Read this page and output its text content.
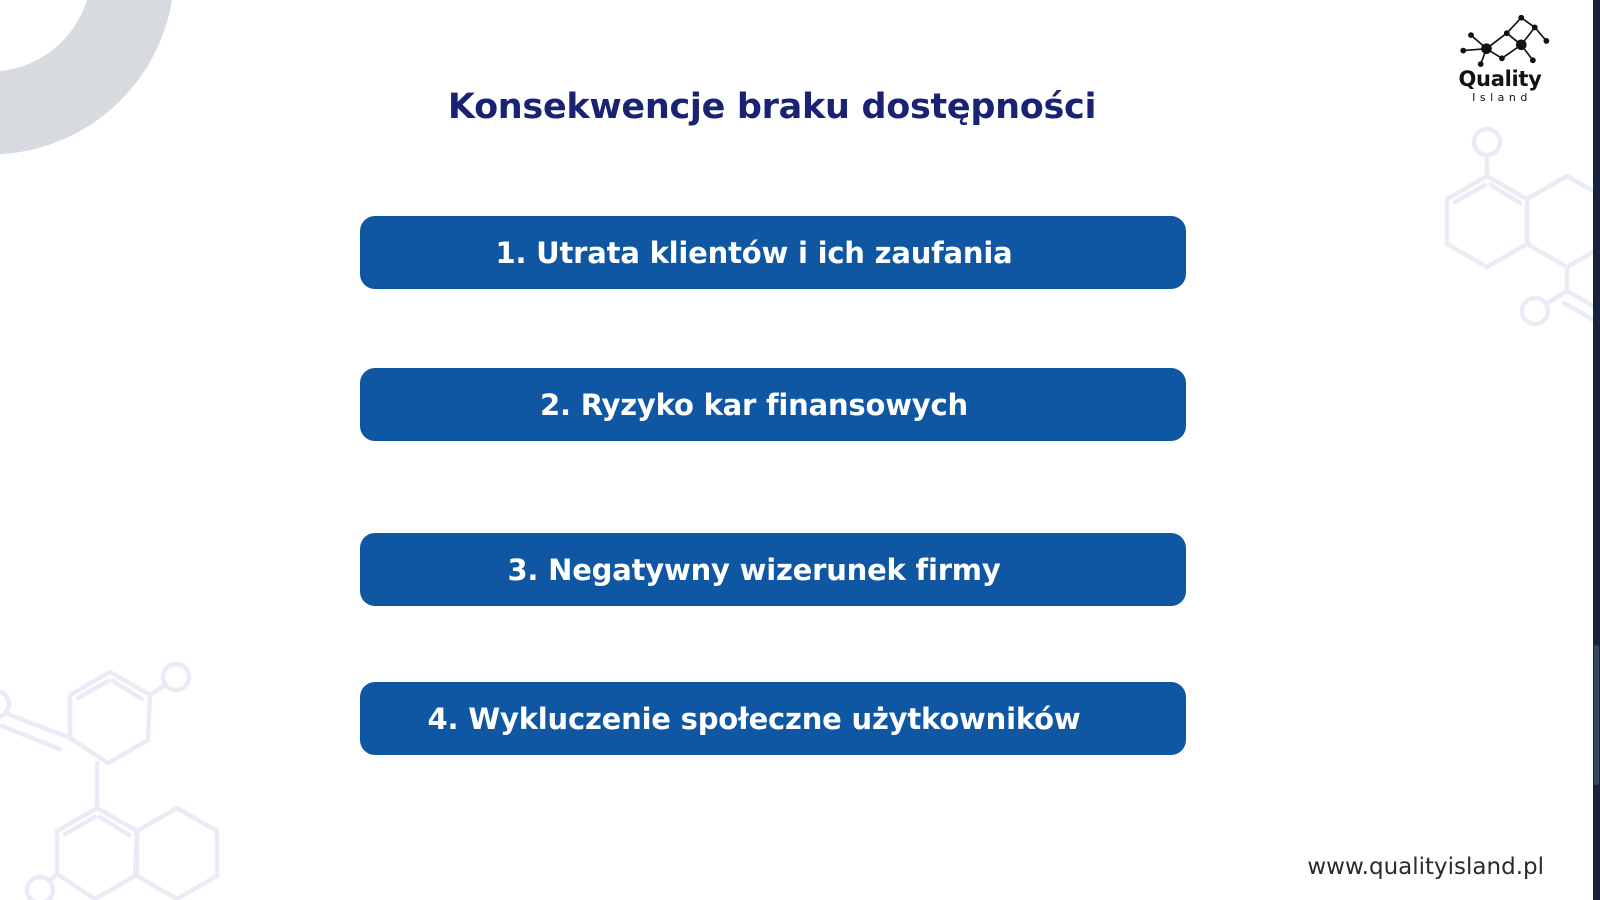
Konsekwencje braku dostępności
Quality
Island
1. Utrata klientów i ich zaufania
2. Ryzyko kar finansowych
3. Negatywny wizerunek firmy
4. Wykluczenie społeczne użytkowników
www.qualityisland.pl
